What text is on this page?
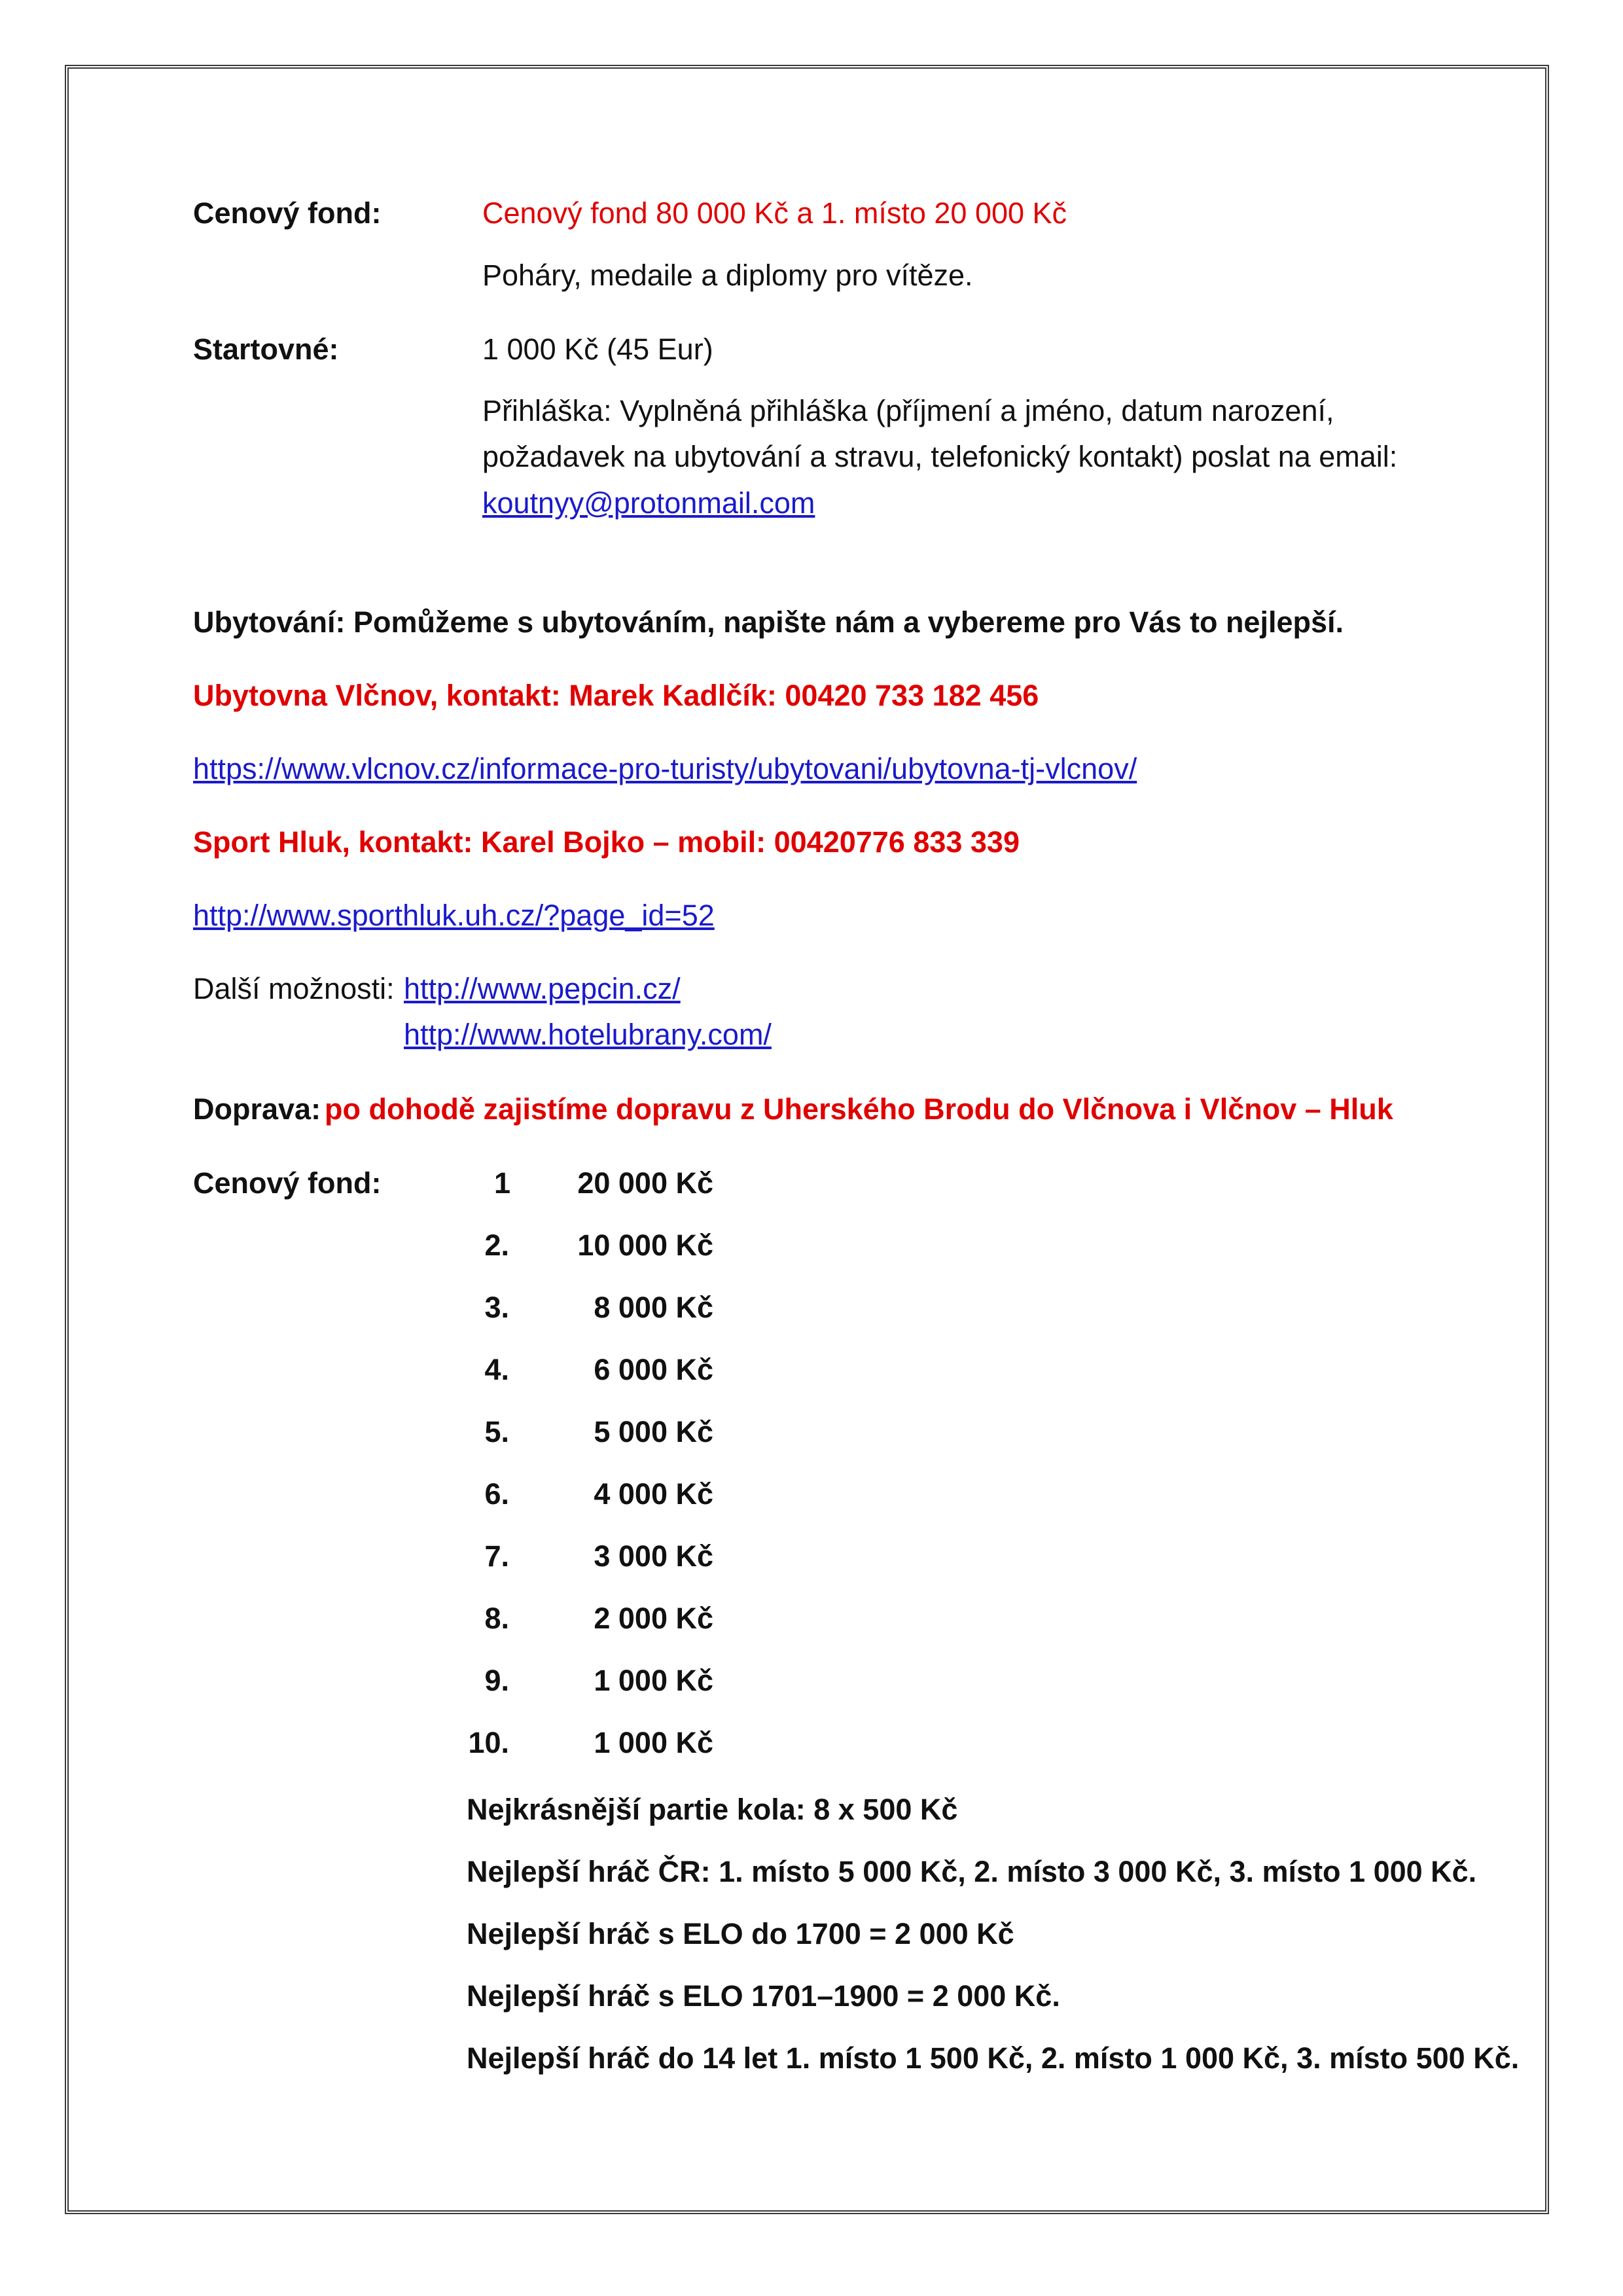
Cenový fond:	Cenový fond 80 000 Kč a 1. místo 20 000 Kč
Poháry, medaile a diplomy pro vítěze.
Startovné:	1 000 Kč (45 Eur)
Přihláška: Vyplněná přihláška (příjmení a jméno, datum narození,
požadavek na ubytování a stravu, telefonický kontakt) poslat na email:
koutnyy@protonmail.com
Ubytování: Pomůžeme s ubytováním, napište nám a vybereme pro Vás to nejlepší.
Ubytovna Vlčnov, kontakt: Marek Kadlčík: 00420 733 182 456
https://www.vlcnov.cz/informace-pro-turisty/ubytovani/ubytovna-tj-vlcnov/
Sport Hluk, kontakt: Karel Bojko – mobil: 00420776 833 339
http://www.sporthluk.uh.cz/?page_id=52
Další možnosti: http://www.pepcin.cz/
http://www.hotelubrany.com/
Doprava: po dohodě zajistíme dopravu z Uherského Brodu do Vlčnova i Vlčnov – Hluk
Cenový fond:	1 20 000 Kč
2. 10 000 Kč
3.	8 000 Kč
4.	6 000 Kč
5.	5 000 Kč
6.	4 000 Kč
7.	3 000 Kč
8.	2 000 Kč
9.	1 000 Kč
10.	1 000 Kč
Nejkrásnější partie kola: 8 x 500 Kč
Nejlepší hráč ČR: 1. místo 5 000 Kč, 2. místo 3 000 Kč, 3. místo 1 000 Kč.
Nejlepší hráč s ELO do 1700 = 2 000 Kč
Nejlepší hráč s ELO 1701–1900 = 2 000 Kč.
Nejlepší hráč do 14 let 1. místo 1 500 Kč, 2. místo 1 000 Kč, 3. místo 500 Kč.
